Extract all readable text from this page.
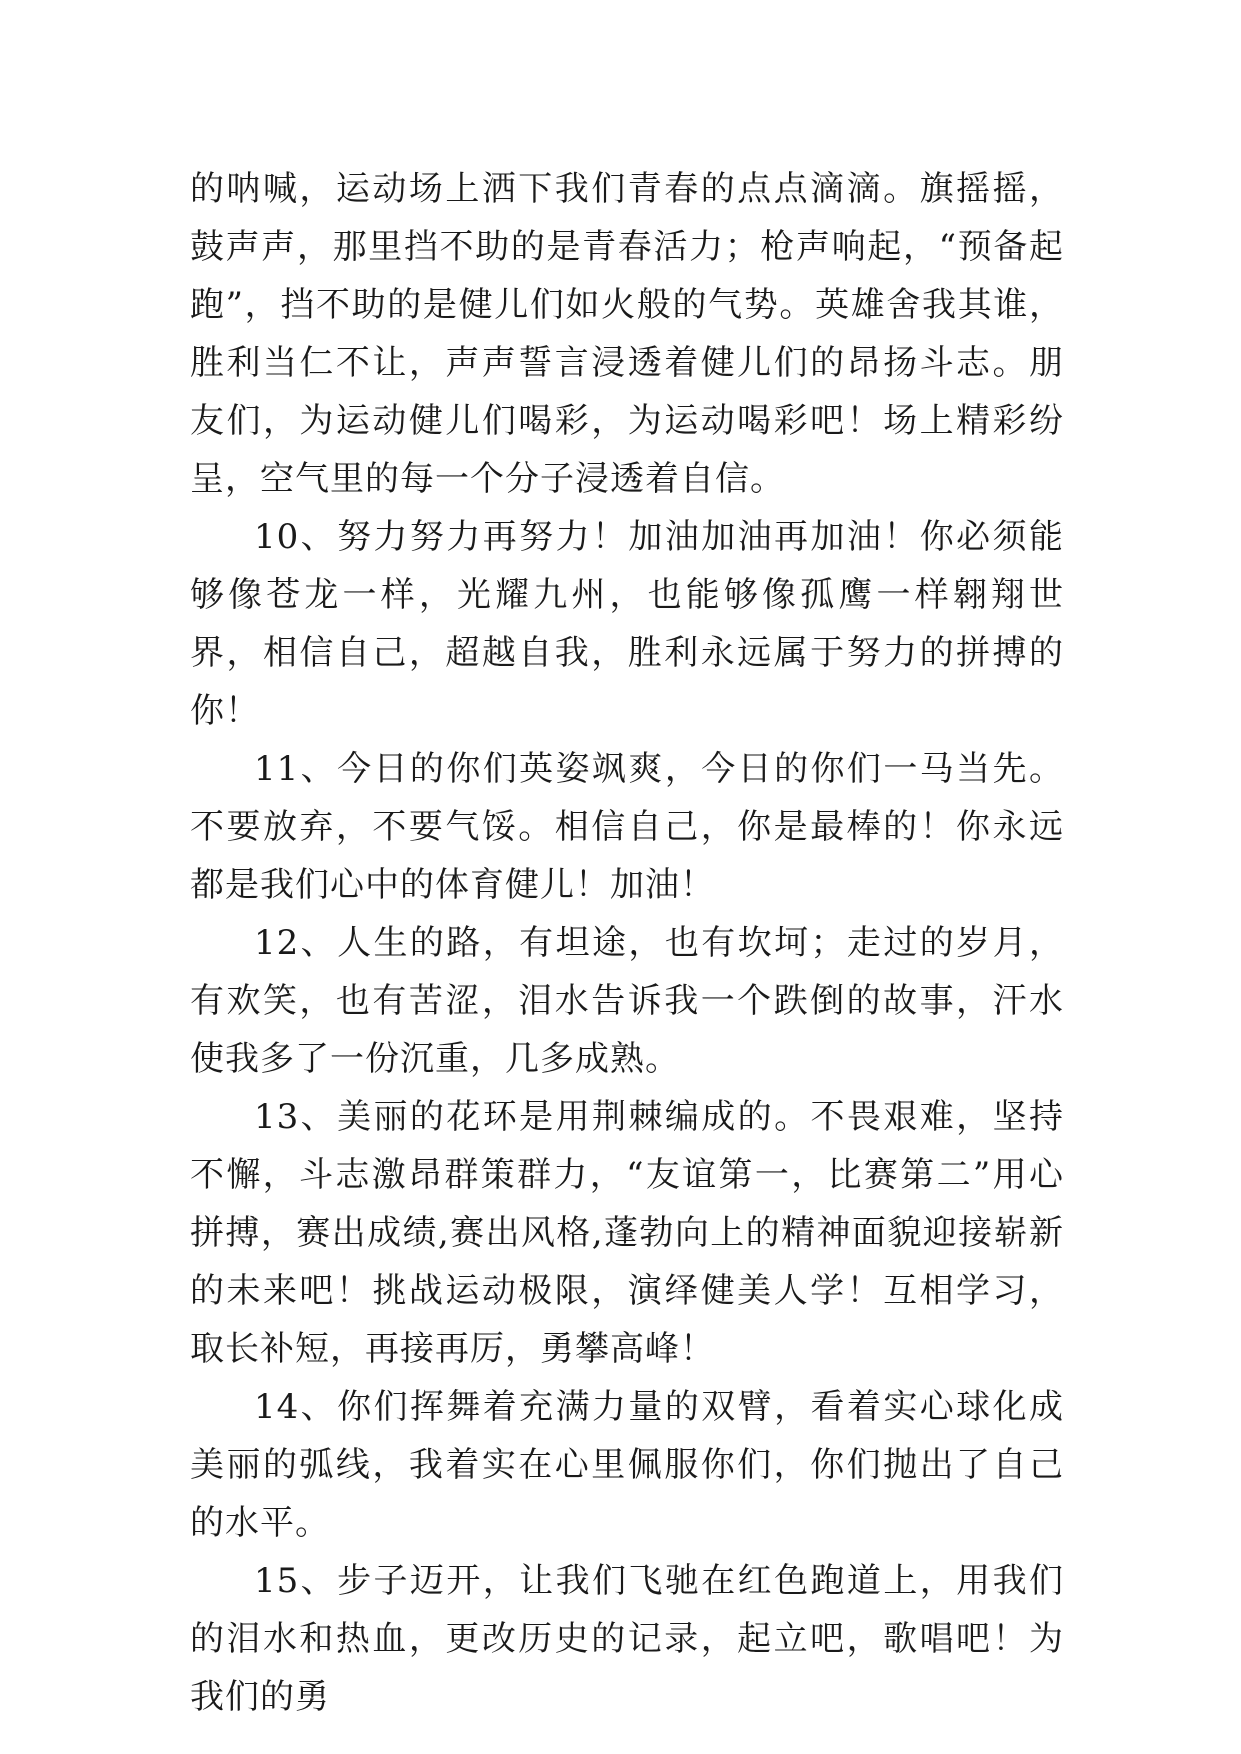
的呐喊，运动场上洒下我们青春的点点滴滴。旗摇摇，鼓声声，那里挡不助的是青春活力；枪声响起，“预备起跑”，挡不助的是健儿们如火般的气势。英雄舍我其谁，胜利当仁不让，声声誓言浸透着健儿们的昂扬斗志。朋友们，为运动健儿们喝彩，为运动喝彩吧！场上精彩纷呈，空气里的每一个分子浸透着自信。

10、努力努力再努力！加油加油再加油！你必须能够像苍龙一样，光耀九州，也能够像孤鹰一样翱翔世界，相信自己，超越自我，胜利永远属于努力的拼搏的你！

11、今日的你们英姿飒爽，今日的你们一马当先。不要放弃，不要气馁。相信自己，你是最棒的！你永远都是我们心中的体育健儿！加油！

12、人生的路，有坦途，也有坎坷；走过的岁月，有欢笑，也有苦涩，泪水告诉我一个跌倒的故事，汗水使我多了一份沉重，几多成熟。

13、美丽的花环是用荆棘编成的。不畏艰难，坚持不懈，斗志激昂群策群力，“友谊第一，比赛第二”用心拼搏，赛出成绩,赛出风格,蓬勃向上的精神面貌迎接崭新的未来吧！挑战运动极限，演绎健美人学！互相学习，取长补短，再接再厉，勇攀高峰！

14、你们挥舞着充满力量的双臂，看着实心球化成美丽的弧线，我着实在心里佩服你们，你们抛出了自己的水平。

15、步子迈开，让我们飞驰在红色跑道上，用我们的泪水和热血，更改历史的记录，起立吧，歌唱吧！为我们的勇
